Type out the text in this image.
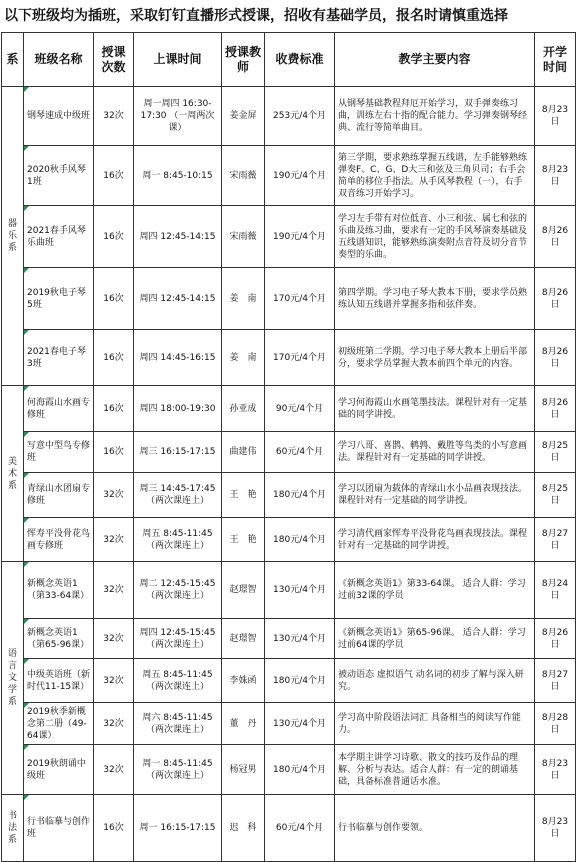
以下班级均为插班，采取钉钉直播形式授课，招收有基础学员，报名时请慎重选择
系	班级名称	授课次数	上课时间	授课教师	收费标准	教学主要内容	开学时间

器乐系	钢琴速成中级班	32次	周一周四 16:30-17:30 （一周两次课）	姜金屏	253元/4个月	从钢琴基础教程拜厄开始学习，双手弹奏练习曲，训练左右十指的配合能力。学习弹奏钢琴经典、流行等简单曲目。	8月23日

2020秋手风琴1班	16次	周一 8:45-10:15	宋雨薇	190元/4个月	第三学期，要求熟练掌握五线谱，左手能够熟练弹奏F、C、G、D大三和弦及三角贝司；右手会简单的移位手指法。从手风琴教程（一），右手双音练习开始学习。	8月23日

2021春手风琴乐曲班	16次	周四 12:45-14:15	宋雨薇	190元/4个月	学习左手带有对位低音、小三和弦、属七和弦的乐曲及练习曲，要求有一定的手风琴演奏基础及五线谱知识，能够熟练演奏附点音符及切分音节奏型的乐曲。	8月26日

2019秋电子琴5班	16次	周四 12:45-14:15	姜　南	170元/4个月	第四学期。学习电子琴大教本下册，要求学员熟练认知五线谱并掌握多指和弦伴奏。	8月26日

2021春电子琴3班	16次	周四 14:45-16:15	姜　南	170元/4个月	初级班第二学期。学习电子琴大教本上册后半部分，要求学员掌握大教本前四个单元的内容。	8月26日

美术系	何海霞山水画专修班	16次	周四 18:00-19:30	孙亚成	90元/4个月	学习何海霞山水画笔墨技法。课程针对有一定基础的同学讲授。	8月26日

写意中型鸟专修班	16次	周三 16:15-17:15	曲建伟	60元/4个月	学习八哥、喜鹊、鹌鹑、戴胜等鸟类的小写意画法。课程针对有一定基础的同学讲授。	8月25日

青绿山水团扇专修班	32次	周三 14:45-17:45 （两次课连上）	王　艳	180元/4个月	学习以团扇为载体的青绿山水小品画表现技法。课程针对有一定基础的同学讲授。	8月25日

恽寿平没骨花鸟画专修班	32次	周五 8:45-11:45 （两次课连上）	王　艳	180元/4个月	学习清代画家恽寿平没骨花鸟画表现技法。课程针对有一定基础的同学讲授。	8月27日

语言文学系	新概念英语1（第33-64课）	32次	周二 12:45-15:45 （两次课连上）	赵璟智	130元/4个月	《新概念英语1》第33-64课。 适合人群：学习过前32课的学员	8月24日

新概念英语1（第65-96课）	32次	周四 12:45-15:45 （两次课连上）	赵璟智	130元/4个月	《新概念英语1》第65-96课。 适合人群：学习过前64课的学员	8月26日

中级英语班（新时代11-15课）	32次	周五 8:45-11:45 （两次课连上）	李姝函	180元/4个月	被动语态 虚拟语气 动名词的初步了解与深入研究。	8月27日

2019秋季新概念第二册（49-64课）	32次	周六 8:45-11:45 （两次课连上）	董　丹	130元/4个月	学习高中阶段语法词汇 具备相当的阅读写作能力。	8月28日

2019秋朗诵中级班	32次	周一 8:45-11:45 （两次课连上）	杨冠男	180元/4个月	本学期主讲学习诗歌、散文的技巧及作品的理解、分析与表达。适合人群：有一定的朗诵基础，具备标准普通话水准。	8月23日

书法系	行书临摹与创作班	16次	周一 16:15-17:15	迟　科	60元/4个月	行书临摹与创作要领。	8月23日
